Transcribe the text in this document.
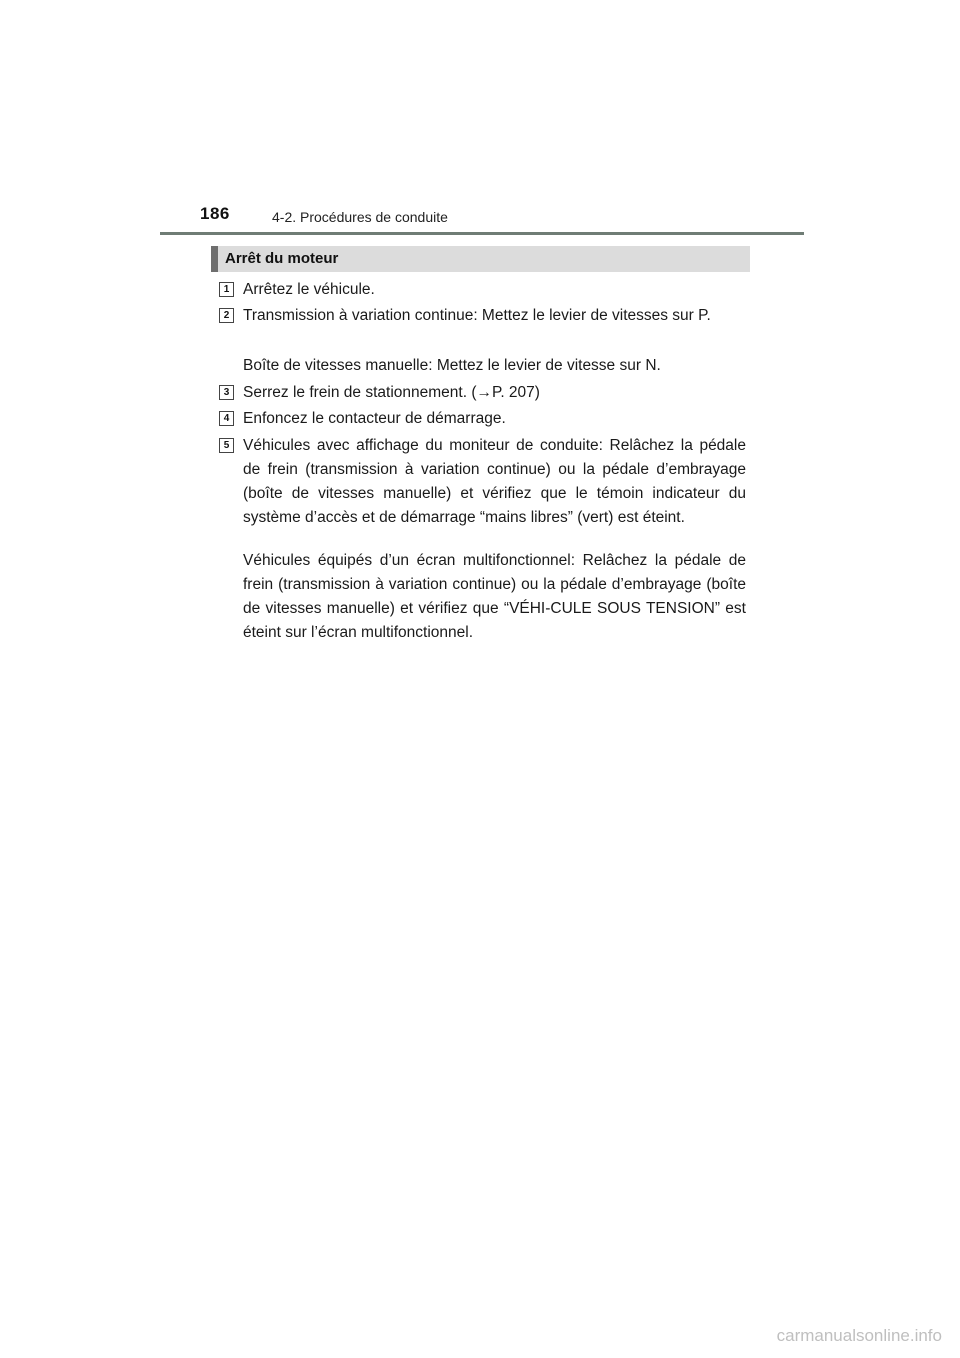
186	4-2. Procédures de conduite
Arrêt du moteur
1 Arrêtez le véhicule.

2 Transmission à variation continue: Mettez le levier de vitesses sur P.

Boîte de vitesses manuelle: Mettez le levier de vitesse sur N.

3 Serrez le frein de stationnement. (→P. 207)

4 Enfoncez le contacteur de démarrage.

5 Véhicules avec affichage du moniteur de conduite: Relâchez la pédale de frein (transmission à variation continue) ou la pédale d’embrayage (boîte de vitesses manuelle) et vérifiez que le témoin indicateur du système d’accès et de démarrage “mains libres” (vert) est éteint.

Véhicules équipés d’un écran multifonctionnel: Relâchez la pédale de frein (transmission à variation continue) ou la pédale d’embrayage (boîte de vitesses manuelle) et vérifiez que “VÉHI-CULE SOUS TENSION” est éteint sur l’écran multifonctionnel.

carmanualsonline.info
